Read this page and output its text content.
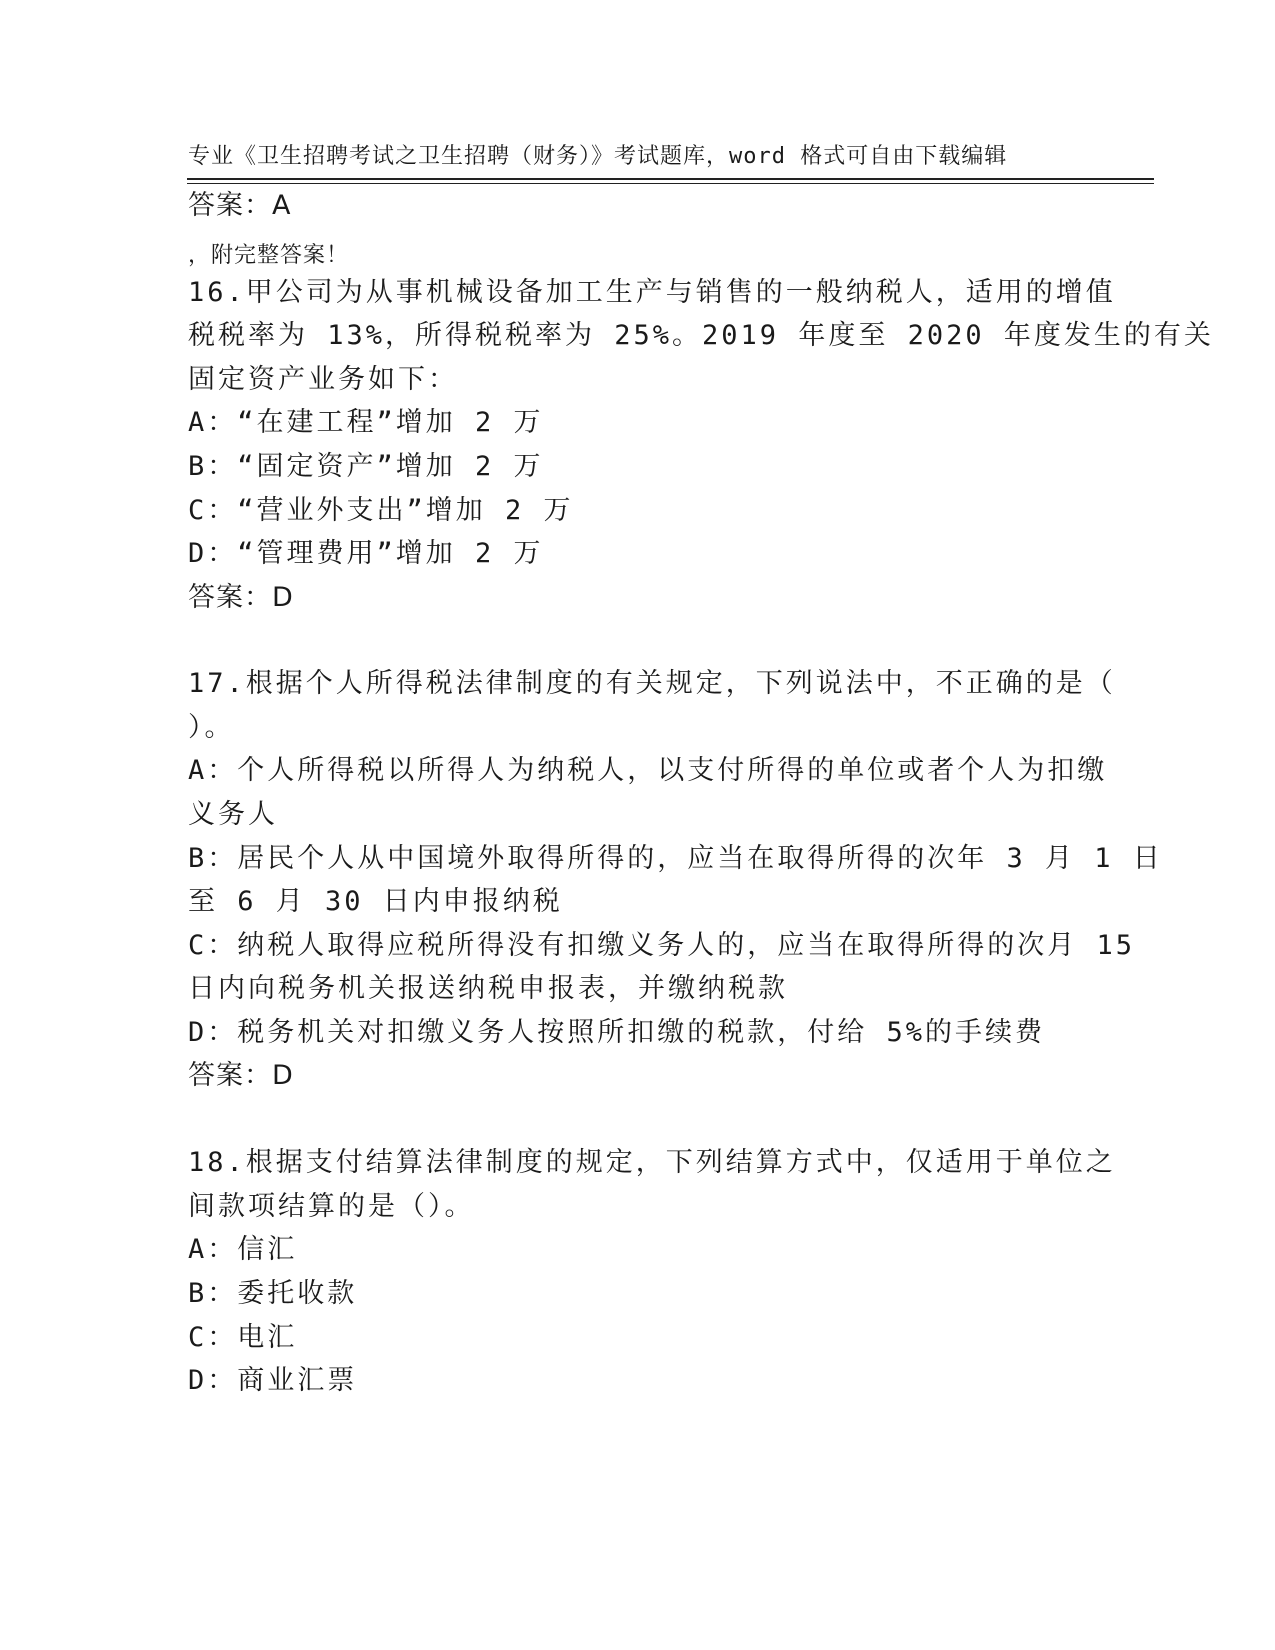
专业《卫生招聘考试之卫生招聘（财务）》考试题库，word 格式可自由下载编辑

，附完整答案！

答案：A
16.甲公司为从事机械设备加工生产与销售的一般纳税人，适用的增值
税税率为 13%，所得税税率为 25%。2019 年度至 2020 年度发生的有关
固定资产业务如下：
A：“在建工程”增加 2 万
B：“固定资产”增加 2 万
C：“营业外支出”增加 2 万
D：“管理费用”增加 2 万
答案：D
17.根据个人所得税法律制度的有关规定，下列说法中，不正确的是（
）。
A：个人所得税以所得人为纳税人，以支付所得的单位或者个人为扣缴
义务人
B：居民个人从中国境外取得所得的，应当在取得所得的次年 3 月 1 日
至 6 月 30 日内申报纳税
C：纳税人取得应税所得没有扣缴义务人的，应当在取得所得的次月 15
日内向税务机关报送纳税申报表，并缴纳税款
D：税务机关对扣缴义务人按照所扣缴的税款，付给 5%的手续费
答案：D
18.根据支付结算法律制度的规定，下列结算方式中，仅适用于单位之
间款项结算的是（）。
A：信汇
B：委托收款
C：电汇
D：商业汇票
